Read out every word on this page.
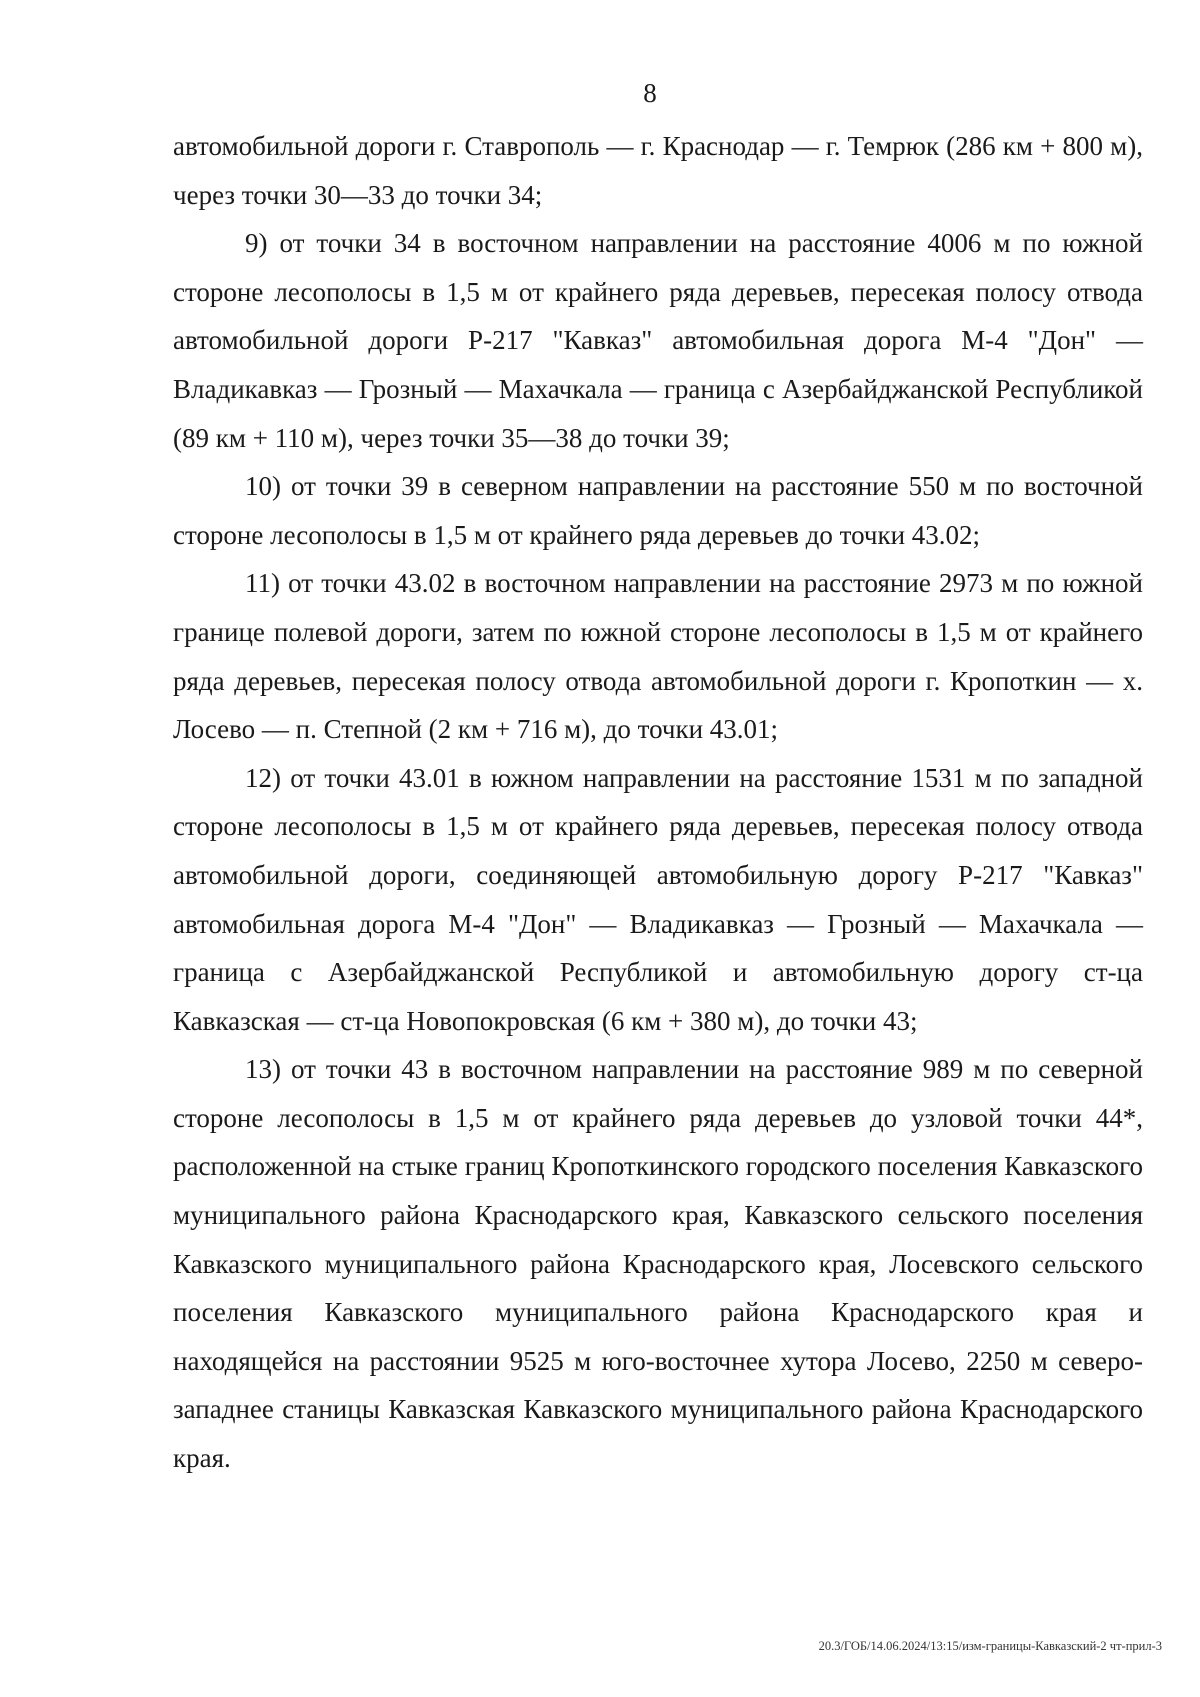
8

автомобильной дороги г. Ставрополь — г. Краснодар — г. Темрюк (286 км + 800 м), через точки 30—33 до точки 34;

9) от точки 34 в восточном направлении на расстояние 4006 м по южной стороне лесополосы в 1,5 м от крайнего ряда деревьев, пересекая полосу отвода автомобильной дороги Р-217 "Кавказ" автомобильная дорога М-4 "Дон" — Владикавказ — Грозный — Махачкала — граница с Азербайджанской Республикой (89 км + 110 м), через точки 35—38 до точки 39;

10) от точки 39 в северном направлении на расстояние 550 м по восточной стороне лесополосы в 1,5 м от крайнего ряда деревьев до точки 43.02;

11) от точки 43.02 в восточном направлении на расстояние 2973 м по южной границе полевой дороги, затем по южной стороне лесополосы в 1,5 м от крайнего ряда деревьев, пересекая полосу отвода автомобильной дороги г. Кропоткин — х. Лосево — п. Степной (2 км + 716 м), до точки 43.01;

12) от точки 43.01 в южном направлении на расстояние 1531 м по западной стороне лесополосы в 1,5 м от крайнего ряда деревьев, пересекая полосу отвода автомобильной дороги, соединяющей автомобильную дорогу Р-217 "Кавказ" автомобильная дорога М-4 "Дон" — Владикавказ — Грозный — Махачкала — граница с Азербайджанской Республикой и автомобильную дорогу ст-ца Кавказская — ст-ца Новопокровская (6 км + 380 м), до точки 43;

13) от точки 43 в восточном направлении на расстояние 989 м по северной стороне лесополосы в 1,5 м от крайнего ряда деревьев до узловой точки 44*, расположенной на стыке границ Кропоткинского городского поселения Кавказского муниципального района Краснодарского края, Кавказского сельского поселения Кавказского муниципального района Краснодарского края, Лосевского сельского поселения Кавказского муниципального района Краснодарского края и находящейся на расстоянии 9525 м юго-восточнее хутора Лосево, 2250 м северо-западнее станицы Кавказская Кавказского муниципального района Краснодарского края.

20.3/ГОБ/14.06.2024/13:15/изм-границы-Кавказский-2 чт-прил-3
